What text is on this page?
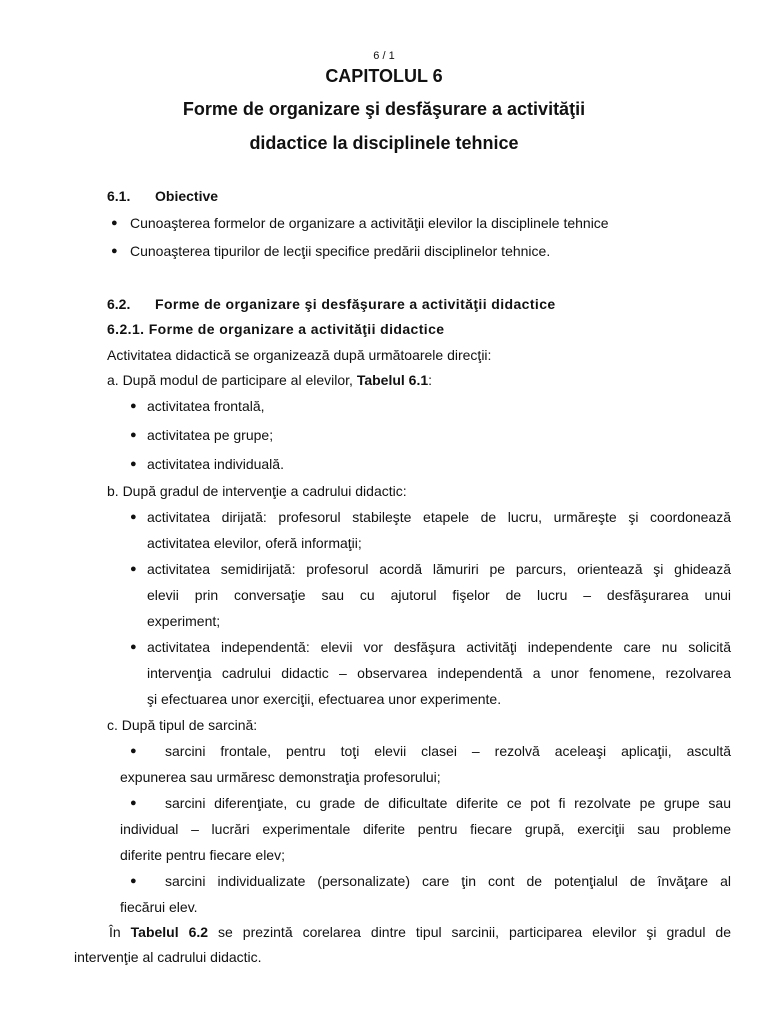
6 / 1
CAPITOLUL 6
Forme de organizare şi desfăşurare a activităţii
didactice la disciplinele tehnice
6.1. Obiective
● Cunoaşterea formelor de organizare a activităţii elevilor la disciplinele tehnice
● Cunoaşterea tipurilor de lecţii specifice predării disciplinelor tehnice.
6.2. Forme de organizare şi desfăşurare a activităţii didactice
6.2.1. Forme de organizare a activităţii didactice
Activitatea didactică se organizează după următoarele direcţii:
a. După modul de participare al elevilor, Tabelul 6.1:
● activitatea frontală,
● activitatea pe grupe;
● activitatea individuală.
b. După gradul de intervenţie a cadrului didactic:
● activitatea dirijată: profesorul stabileşte etapele de lucru, urmăreşte şi coordonează
activitatea elevilor, oferă informaţii;
● activitatea semidirijată: profesorul acordă lămuriri pe parcurs, orientează şi ghidează
elevii prin conversaţie sau cu ajutorul fişelor de lucru – desfăşurarea unui
experiment;
● activitatea independentă: elevii vor desfăşura activităţi independente care nu solicită
intervenţia cadrului didactic – observarea independentă a unor fenomene, rezolvarea
şi efectuarea unor exerciţii, efectuarea unor experimente.
c. După tipul de sarcină:
● sarcini frontale, pentru toţi elevii clasei – rezolvă aceleaşi aplicaţii, ascultă
expunerea sau urmăresc demonstraţia profesorului;
● sarcini diferenţiate, cu grade de dificultate diferite ce pot fi rezolvate pe grupe sau
individual – lucrări experimentale diferite pentru fiecare grupă, exerciţii sau probleme
diferite pentru fiecare elev;
● sarcini individualizate (personalizate) care ţin cont de potenţialul de învăţare al
fiecărui elev.
În Tabelul 6.2 se prezintă corelarea dintre tipul sarcinii, participarea elevilor şi gradul de
intervenţie al cadrului didactic.
